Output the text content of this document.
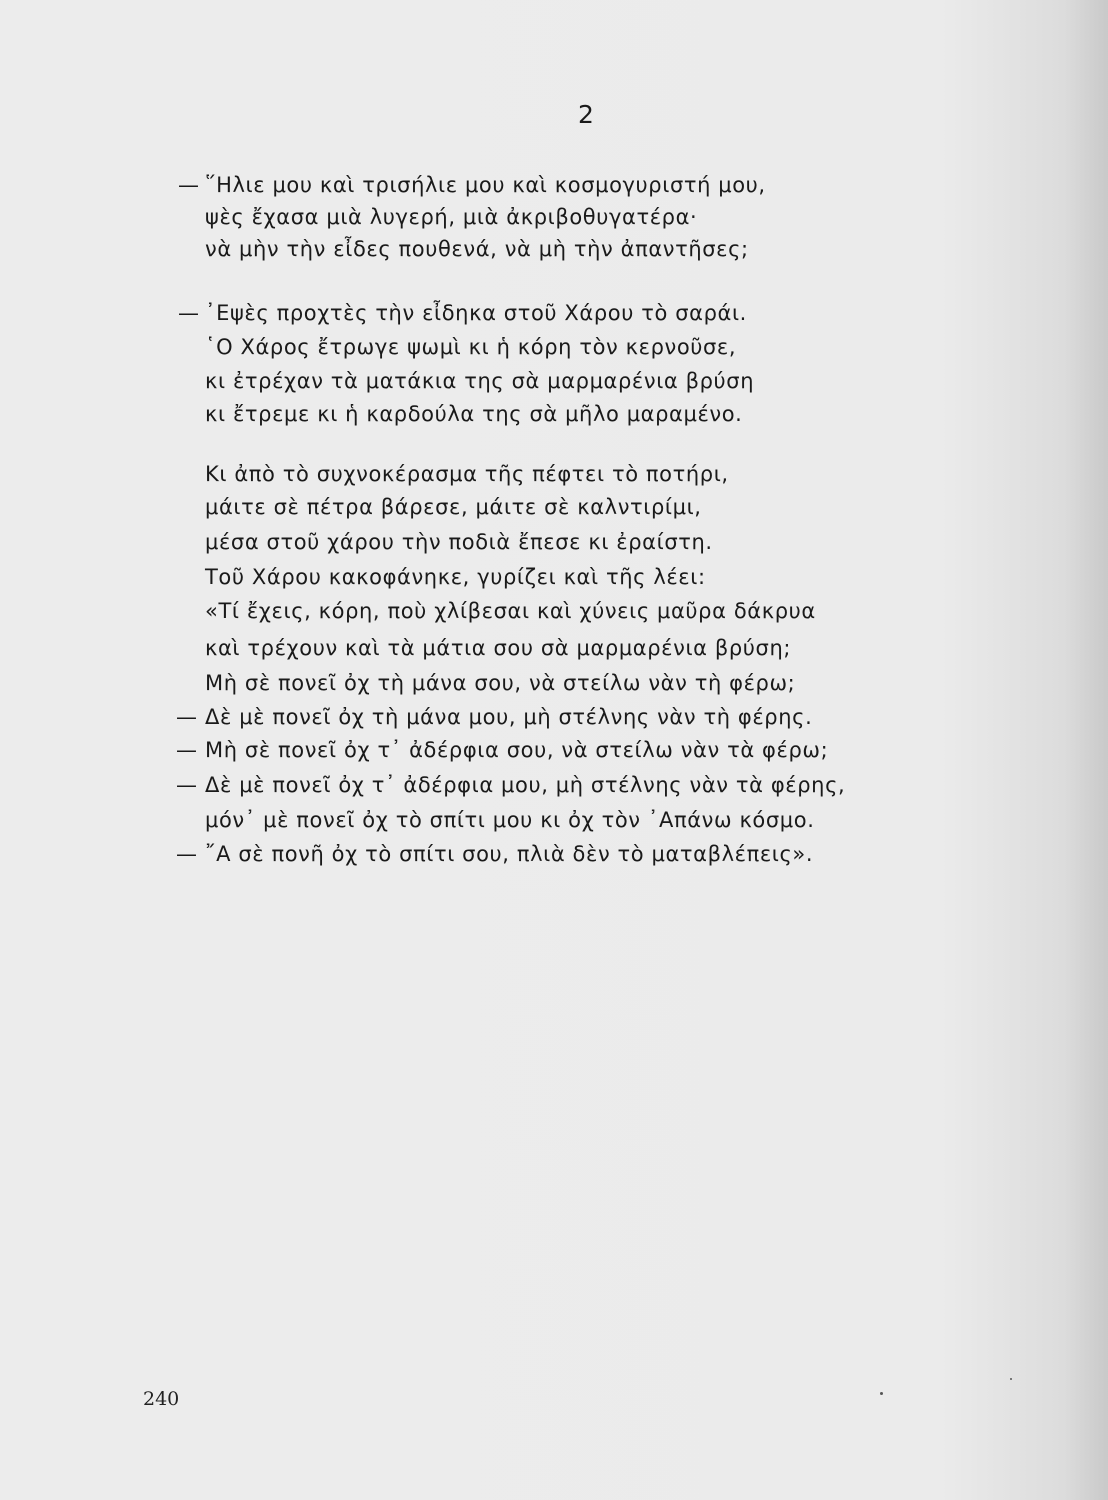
2
— ῞Ηλιε μου καὶ τρισήλιε μου καὶ κοσμογυριστή μου,
ψὲς ἔχασα μιὰ λυγερή, μιὰ ἀκριβοθυγατέρα·
νὰ μὴν τὴν εἶδες πουθενά, νὰ μὴ τὴν ἀπαντῆσες;
— ᾽Εψὲς προχτὲς τὴν εἶδηκα στοῦ Χάρου τὸ σαράι.
῾Ο Χάρος ἔτρωγε ψωμὶ κι ἡ κόρη τὸν κερνοῦσε,
κι ἐτρέχαν τὰ ματάκια της σὰ μαρμαρένια βρύση
κι ἔτρεμε κι ἡ καρδούλα της σὰ μῆλο μαραμένο.
Κι ἀπὸ τὸ συχνοκέρασμα τῆς πέφτει τὸ ποτήρι,
μάιτε σὲ πέτρα βάρεσε, μάιτε σὲ καλντιρίμι,
μέσα στοῦ χάρου τὴν ποδιὰ ἔπεσε κι ἐραίστη.
Τοῦ Χάρου κακοφάνηκε, γυρίζει καὶ τῆς λέει:
«Τί ἔχεις, κόρη, ποὺ χλίβεσαι καὶ χύνεις μαῦρα δάκρυα
καὶ τρέχουν καὶ τὰ μάτια σου σὰ μαρμαρένια βρύση;
Μὴ σὲ πονεῖ ὀχ τὴ μάνα σου, νὰ στείλω νὰν τὴ φέρω;
— Δὲ μὲ πονεῖ ὀχ τὴ μάνα μου, μὴ στέλνης νὰν τὴ φέρης.
— Μὴ σὲ πονεῖ ὀχ τ᾽ ἀδέρφια σου, νὰ στείλω νὰν τὰ φέρω;
— Δὲ μὲ πονεῖ ὀχ τ᾽ ἀδέρφια μου, μὴ στέλνης νὰν τὰ φέρης,
μόν᾽ μὲ πονεῖ ὀχ τὸ σπίτι μου κι ὀχ τὸν ᾽Απάνω κόσμο.
— ῎Α σὲ πονῆ ὀχ τὸ σπίτι σου, πλιὰ δὲν τὸ ματαβλέπεις».
240
